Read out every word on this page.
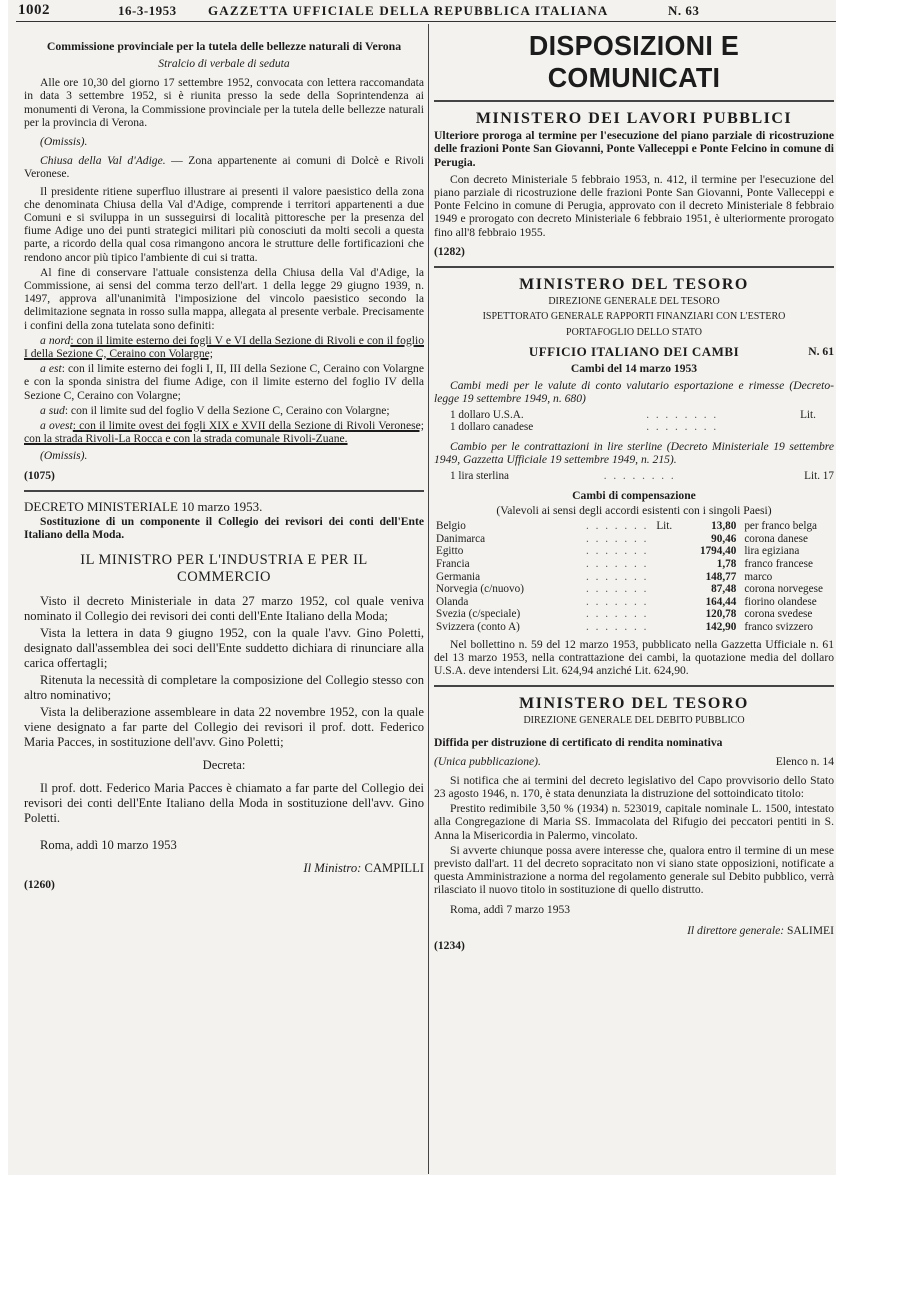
1002	16-3-1953 GAZZETTA UFFICIALE DELLA REPUBBLICA ITALIANA	N. 63

Commissione provinciale per la tutela delle bellezze naturali di Verona

Stralcio di verbale di seduta

Alle ore 10,30 del giorno 17 settembre 1952, convocata con lettera raccomandata in data 3 settembre 1952, si è riunita presso la sede della Soprintendenza ai monumenti di Verona, la Commissione provinciale per la tutela delle bellezze naturali per la provincia di Verona.

(Omissis).

Chiusa della Val d'Adige. — Zona appartenente ai comuni di Dolcè e Rivoli Veronese.

Il presidente ritiene superfluo illustrare ai presenti il valore paesistico della zona che denominata Chiusa della Val d'Adige, comprende i territori appartenenti a due Comuni e si sviluppa in un susseguirsi di località pittoresche per la presenza del fiume Adige uno dei punti strategici militari più conosciuti da molti secoli a questa parte, a ricordo della qual cosa rimangono ancora le strutture delle fortificazioni che rendono ancor più tipico l'ambiente di cui si tratta.

Al fine di conservare l'attuale consistenza della Chiusa della Val d'Adige, la Commissione, ai sensi del comma terzo dell'art. 1 della legge 29 giugno 1939, n. 1497, approva all'unanimità l'imposizione del vincolo paesistico secondo la delimitazione segnata in rosso sulla mappa, allegata al presente verbale. Precisamente i confini della zona tutelata sono definiti:

a nord: con il limite esterno dei fogli V e VI della Sezione di Rivoli e con il foglio I della Sezione C, Ceraino con Volargne;

a est: con il limite esterno dei fogli I, II, III della Sezione C, Ceraino con Volargne e con la sponda sinistra del fiume Adige, con il limite esterno del foglio IV della Sezione C, Ceraino con Volargne;

a sud: con il limite sud del foglio V della Sezione C, Ceraino con Volargne;

a ovest: con il limite ovest dei fogli XIX e XVII della Sezione di Rivoli Veronese; con la strada Rivoli-La Rocca e con la strada comunale Rivoli-Zuane.

(Omissis).

(1075)

DECRETO MINISTERIALE 10 marzo 1953.

Sostituzione di un componente il Collegio dei revisori dei conti dell'Ente Italiano della Moda.

IL MINISTRO PER L'INDUSTRIA E PER IL COMMERCIO

Visto il decreto Ministeriale in data 27 marzo 1952, col quale veniva nominato il Collegio dei revisori dei conti dell'Ente Italiano della Moda;

Vista la lettera in data 9 giugno 1952, con la quale l'avv. Gino Poletti, designato dall'assemblea dei soci dell'Ente suddetto dichiara di rinunciare alla carica offertagli;

Ritenuta la necessità di completare la composizione del Collegio stesso con altro nominativo;

Vista la deliberazione assembleare in data 22 novembre 1952, con la quale viene designato a far parte del Collegio dei revisori il prof. dott. Federico Maria Pacces, in sostituzione dell'avv. Gino Poletti;

Decreta:

Il prof. dott. Federico Maria Pacces è chiamato a far parte del Collegio dei revisori dei conti dell'Ente Italiano della Moda in sostituzione dell'avv. Gino Poletti.

Roma, addì 10 marzo 1953

Il Ministro: CAMPILLI

(1260)

DISPOSIZIONI E COMUNICATI
MINISTERO DEI LAVORI PUBBLICI

Ulteriore proroga al termine per l'esecuzione del piano parziale di ricostruzione delle frazioni Ponte San Giovanni, Ponte Valleceppi e Ponte Felcino in comune di Perugia.

Con decreto Ministeriale 5 febbraio 1953, n. 412, il termine per l'esecuzione del piano parziale di ricostruzione delle frazioni Ponte San Giovanni, Ponte Valleceppi e Ponte Felcino in comune di Perugia, approvato con il decreto Ministeriale 8 febbraio 1949 e prorogato con decreto Ministeriale 6 febbraio 1951, è ulteriormente prorogato fino all'8 febbraio 1955.

(1282)

MINISTERO DEL TESORO

DIREZIONE GENERALE DEL TESORO

ISPETTORATO GENERALE RAPPORTI FINANZIARI CON L'ESTERO

PORTAFOGLIO DELLO STATO

UFFICIO ITALIANO DEI CAMBI	N. 61

Cambi del 14 marzo 1953

Cambi medi per le valute di conto valutario esportazione e rimesse (Decreto-legge 19 settembre 1949, n. 680)

1 dollaro U.S.A.	. . . . . . . .	Lit.
1 dollaro canadese	. . . . . . . .	

Cambio per le contrattazioni in lire sterline (Decreto Ministeriale 19 settembre 1949, Gazzetta Ufficiale 19 settembre 1949, n. 215).

1 lira sterlina	. . . . . . . .	Lit. 17

Cambi di compensazione

(Valevoli ai sensi degli accordi esistenti con i singoli Paesi)

Belgio	. . . . . . .	Lit.	13,80	per franco belga
Danimarca	. . . . . . .		90,46	corona danese
Egitto	. . . . . . .		1794,40	lira egiziana
Francia	. . . . . . .		1,78	franco francese
Germania	. . . . . . .		148,77	marco
Norvegia (c/nuovo)	. . . . . . .		87,48	corona norvegese
Olanda	. . . . . . .		164,44	fiorino olandese
Svezia (c/speciale)	. . . . . . .		120,78	corona svedese
Svizzera (conto A)	. . . . . . .		142,90	franco svizzero

Nel bollettino n. 59 del 12 marzo 1953, pubblicato nella Gazzetta Ufficiale n. 61 del 13 marzo 1953, nella contrattazione dei cambi, la quotazione media del dollaro U.S.A. deve intendersi Lit. 624,94 anziché Lit. 624,90.

MINISTERO DEL TESORO

DIREZIONE GENERALE DEL DEBITO PUBBLICO

Diffida per distruzione di certificato di rendita nominativa

(Unica pubblicazione).	Elenco n. 14

Si notifica che ai termini del decreto legislativo del Capo provvisorio dello Stato 23 agosto 1946, n. 170, è stata denunziata la distruzione del sottoindicato titolo:

Prestito redimibile 3,50 % (1934) n. 523019, capitale nominale L. 1500, intestato alla Congregazione di Maria SS. Immacolata del Rifugio dei peccatori pentiti in S. Anna la Misericordia in Palermo, vincolato.

Si avverte chiunque possa avere interesse che, qualora entro il termine di un mese previsto dall'art. 11 del decreto sopracitato non vi siano state opposizioni, notificate a questa Amministrazione a norma del regolamento generale sul Debito pubblico, verrà rilasciato il nuovo titolo in sostituzione di quello distrutto.

Roma, addì 7 marzo 1953

Il direttore generale: SALIMEI

(1234)
